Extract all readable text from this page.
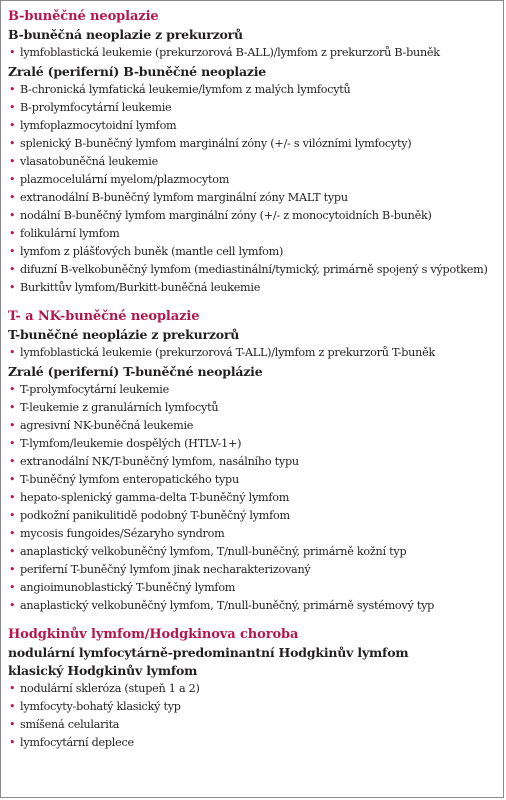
B-buněčné neoplazie
B-buněčná neoplazie z prekurzorů
• lymfoblastická leukemie (prekurzorová B-ALL)/lymfom z prekurzorů B-buněk
Zralé (periferní) B-buněčné neoplazie
• B-chronická lymfatická leukemie/lymfom z malých lymfocytů
• B-prolymfocytární leukemie
• lymfoplazmocytoidní lymfom
• splenický B-buněčný lymfom marginální zóny (+/- s vilózními lymfocyty)
• vlasatobuněčná leukemie
• plazmocelulární myelom/plazmocytom
• extranodální B-buněčný lymfom marginální zóny MALT typu
• nodální B-buněčný lymfom marginální zóny (+/- z monocytoidních B-buněk)
• folikulární lymfom
• lymfom z plášťových buněk (mantle cell lymfom)
• difuzní B-velkobuněčný lymfom (mediastinální/tymický, primárně spojený s výpotkem)
• Burkittův lymfom/Burkitt-buněčná leukemie
T- a NK-buněčné neoplazie
T-buněčné neoplázie z prekurzorů
• lymfoblastická leukemie (prekurzorová T-ALL)/lymfom z prekurzorů T-buněk
Zralé (periferní) T-buněčné neoplázie
• T-prolymfocytární leukemie
• T-leukemie z granulárních lymfocytů
• agresivní NK-buněčná leukemie
• T-lymfom/leukemie dospělých (HTLV-1+)
• extranodální NK/T-buněčný lymfom, nasálního typu
• T-buněčný lymfom enteropatického typu
• hepato-splenický gamma-delta T-buněčný lymfom
• podkožní panikulitidě podobný T-buněčný lymfom
• mycosis fungoides/Sézaryho syndrom
• anaplastický velkobuněčný lymfom, T/null-buněčný, primárně kožní typ
• periferní T-buněčný lymfom jinak necharakterizovaný
• angioimunoblastický T-buněčný lymfom
• anaplastický velkobuněčný lymfom, T/null-buněčný, primárně systémový typ
Hodgkinův lymfom/Hodgkinova choroba
nodulární lymfocytárně-predominantní Hodgkinův lymfom
klasický Hodgkinův lymfom
• nodulární skleróza (stupeň 1 a 2)
• lymfocyty-bohatý klasický typ
• smíšená celularita
• lymfocytární deplece
